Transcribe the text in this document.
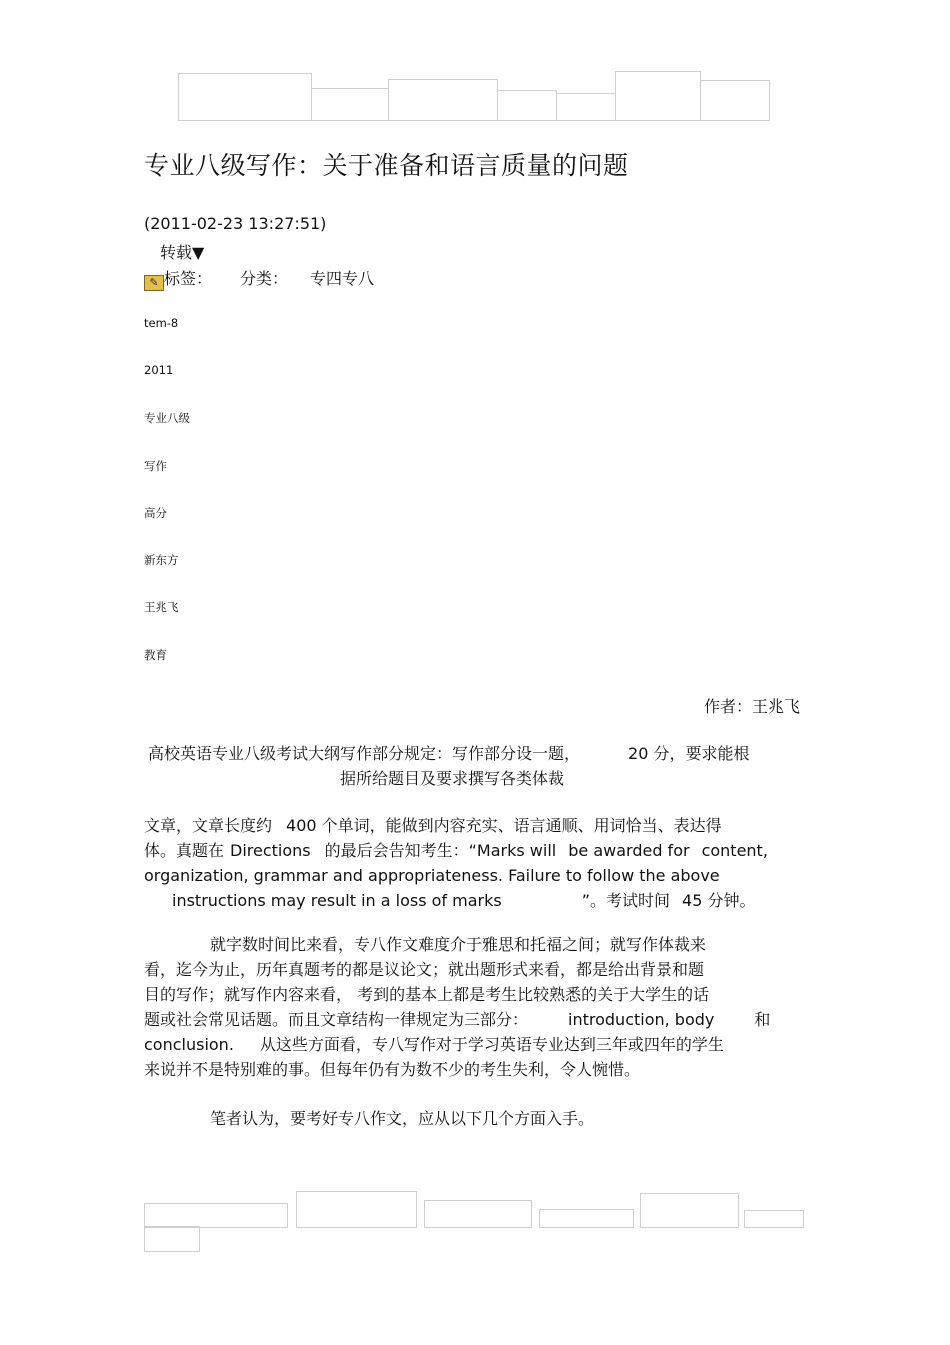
专业八级写作：关于准备和语言质量的问题
(2011-02-23 13:27:51)
转载▼
✎ 标签： 分类： 专四专八
tem-8
2011
专业八级
写作
高分
新东方
王兆飞
教育
作者：王兆飞
高校英语专业八级考试大纲写作部分规定：写作部分设一题，	20 分，要求能根
据所给题目及要求撰写各类体裁
文章，文章长度约 400 个单词，能做到内容充实、语言通顺、用词恰当、表达得
体。真题在 Directions 的最后会告知考生：“Marks will be awarded for content,
organization, grammar and appropriateness. Failure to follow the above
instructions may result in a loss of marks	”。考试时间 45 分钟。
就字数时间比来看，专八作文难度介于雅思和托福之间；就写作体裁来
看，迄今为止，历年真题考的都是议论文；就出题形式来看，都是给出背景和题
目的写作；就写作内容来看， 考到的基本上都是考生比较熟悉的关于大学生的话
题或社会常见话题。而且文章结构一律规定为三部分：	introduction, body	和
conclusion. 从这些方面看，专八写作对于学习英语专业达到三年或四年的学生
来说并不是特别难的事。但每年仍有为数不少的考生失利，令人惋惜。
笔者认为，要考好专八作文，应从以下几个方面入手。
